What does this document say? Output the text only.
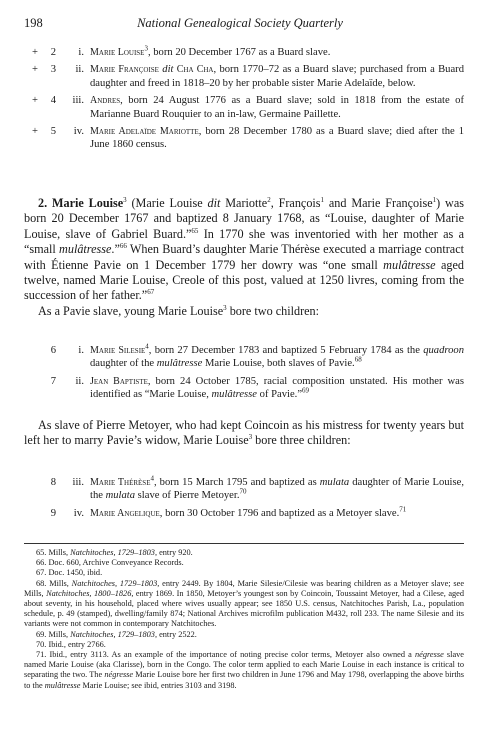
198	National Genealogical Society Quarterly
+	2	i. Marie Louise$^3$, born 20 December 1767 as a Buard slave.
+	3	ii. Marie Françoise dit Cha Cha, born 1770–72 as a Buard slave; purchased from a Buard daughter and freed in 1818–20 by her probable sister Marie Adelaïde, below.
+	4	iii. Andres, born 24 August 1776 as a Buard slave; sold in 1818 from the estate of Marianne Buard Rouquier to an in-law, Germaine Paillette.
+	5	iv. Marie Adelaïde Mariotte, born 28 December 1780 as a Buard slave; died after the 1 June 1860 census.

2. Marie Louise$^3$ (Marie Louise dit Mariotte$^2$, François$^1$ and Marie Françoise$^1$) was born 20 December 1767 and baptized 8 January 1768, as “Louise, daughter of Marie Louise, slave of Gabriel Buard.”$^{65}$ In 1770 she was inventoried with her mother as a “small mulâtresse.”$^{66}$ When Buard’s daughter Marie Thérèse executed a marriage contract with Étienne Pavie on 1 December 1779 her dowry was “one small mulâtresse aged twelve, named Marie Louise, Creole of this post, valued at 1250 livres, coming from the succession of her father.”$^{67}$

As a Pavie slave, young Marie Louise$^3$ bore two children:

6	i. Marie Silesie$^4$, born 27 December 1783 and baptized 5 February 1784 as the quadroon daughter of the mulâtresse Marie Louise, both slaves of Pavie.$^{68}$
7	ii. Jean Baptiste, born 24 October 1785, racial composition unstated. His mother was identified as “Marie Louise, mulâtresse of Pavie.”$^{69}$

As slave of Pierre Metoyer, who had kept Coincoin as his mistress for twenty years but left her to marry Pavie’s widow, Marie Louise$^3$ bore three children:

8	iii. Marie Thérèse$^4$, born 15 March 1795 and baptized as mulata daughter of Marie Louise, the mulata slave of Pierre Metoyer.$^{70}$
9	iv. Marie Angelique, born 30 October 1796 and baptized as a Metoyer slave.$^{71}$

65. Mills, Natchitoches, 1729–1803, entry 920.

66. Doc. 660, Archive Conveyance Records.

67. Doc. 1450, ibid.

68. Mills, Natchitoches, 1729–1803, entry 2449. By 1804, Marie Silesie/Cilesie was bearing children as a Metoyer slave; see Mills, Natchitoches, 1800–1826, entry 1869. In 1850, Metoyer’s youngest son by Coincoin, Toussaint Metoyer, had a Cilese, aged about seventy, in his household, placed where wives usually appear; see 1850 U.S. census, Natchitoches Parish, La., population schedule, p. 49 (stamped), dwelling/family 874; National Archives microfilm publication M432, roll 233. The name Silesie and its variants were not common in contemporary Natchitoches.

69. Mills, Natchitoches, 1729–1803, entry 2522.

70. Ibid., entry 2766.

71. Ibid., entry 3113. As an example of the importance of noting precise color terms, Metoyer also owned a négresse slave named Marie Louise (aka Clarisse), born in the Congo. The color term applied to each Marie Louise in each instance is critical to separating the two. The négresse Marie Louise bore her first two children in June 1796 and May 1798, overlapping the above births to the mulâtresse Marie Louise; see ibid, entries 3103 and 3198.
